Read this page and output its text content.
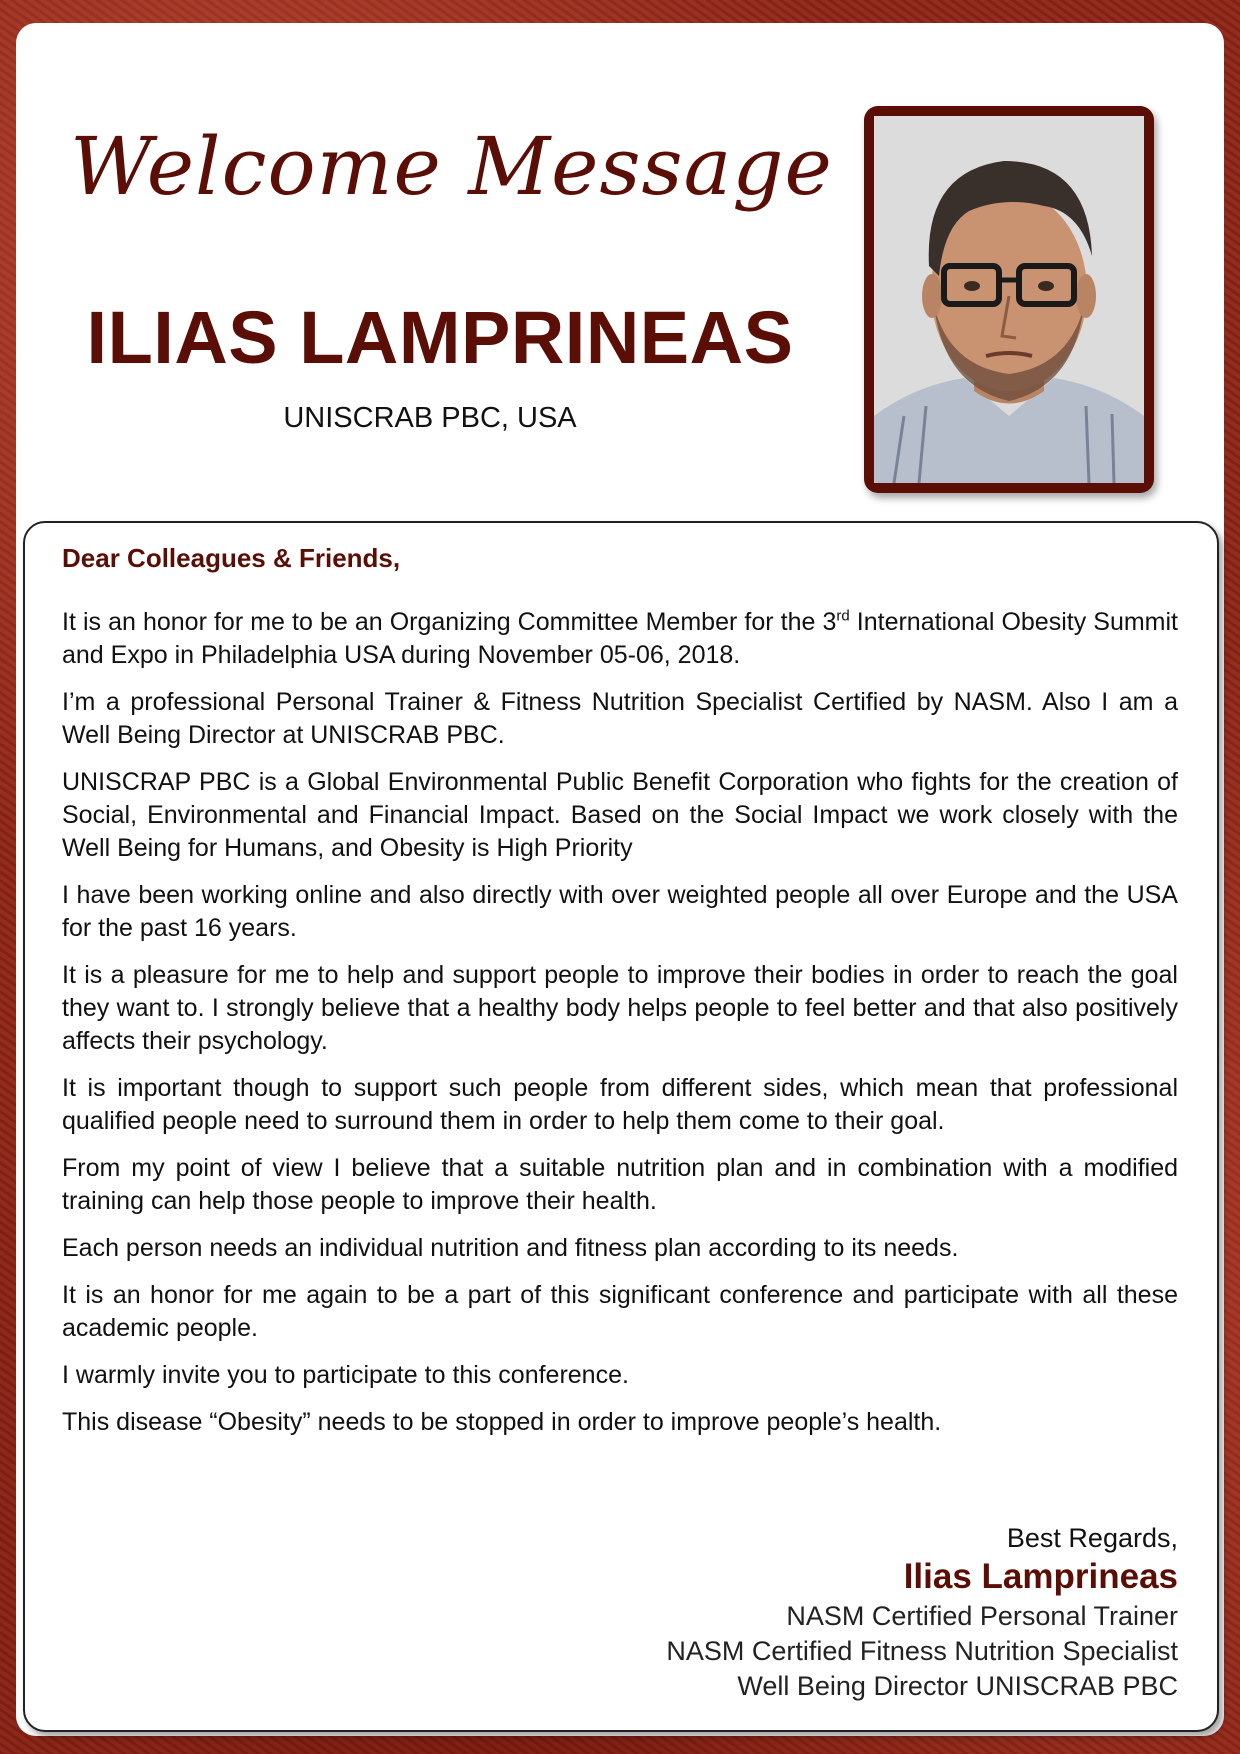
Welcome Message
ILIAS LAMPRINEAS
UNISCRAB PBC, USA
Dear Colleagues & Friends,

It is an honor for me to be an Organizing Committee Member for the 3rd International Obesity Summit and Expo in Philadelphia USA during November 05-06, 2018.

I’m a professional Personal Trainer & Fitness Nutrition Specialist Certified by NASM. Also I am a Well Being Director at UNISCRAB PBC.

UNISCRAP PBC is a Global Environmental Public Benefit Corporation who fights for the creation of Social, Environmental and Financial Impact. Based on the Social Impact we work closely with the Well Being for Humans, and Obesity is High Priority

I have been working online and also directly with over weighted people all over Europe and the USA for the past 16 years.

It is a pleasure for me to help and support people to improve their bodies in order to reach the goal they want to. I strongly believe that a healthy body helps people to feel better and that also positively affects their psychology.

It is important though to support such people from different sides, which mean that professional qualified people need to surround them in order to help them come to their goal.

From my point of view I believe that a suitable nutrition plan and in combination with a modified training can help those people to improve their health.

Each person needs an individual nutrition and fitness plan according to its needs.

It is an honor for me again to be a part of this significant conference and participate with all these academic people.

I warmly invite you to participate to this conference.

This disease “Obesity” needs to be stopped in order to improve people’s health.

Best Regards,
Ilias Lamprineas
NASM Certified Personal Trainer
NASM Certified Fitness Nutrition Specialist
Well Being Director UNISCRAB PBC
